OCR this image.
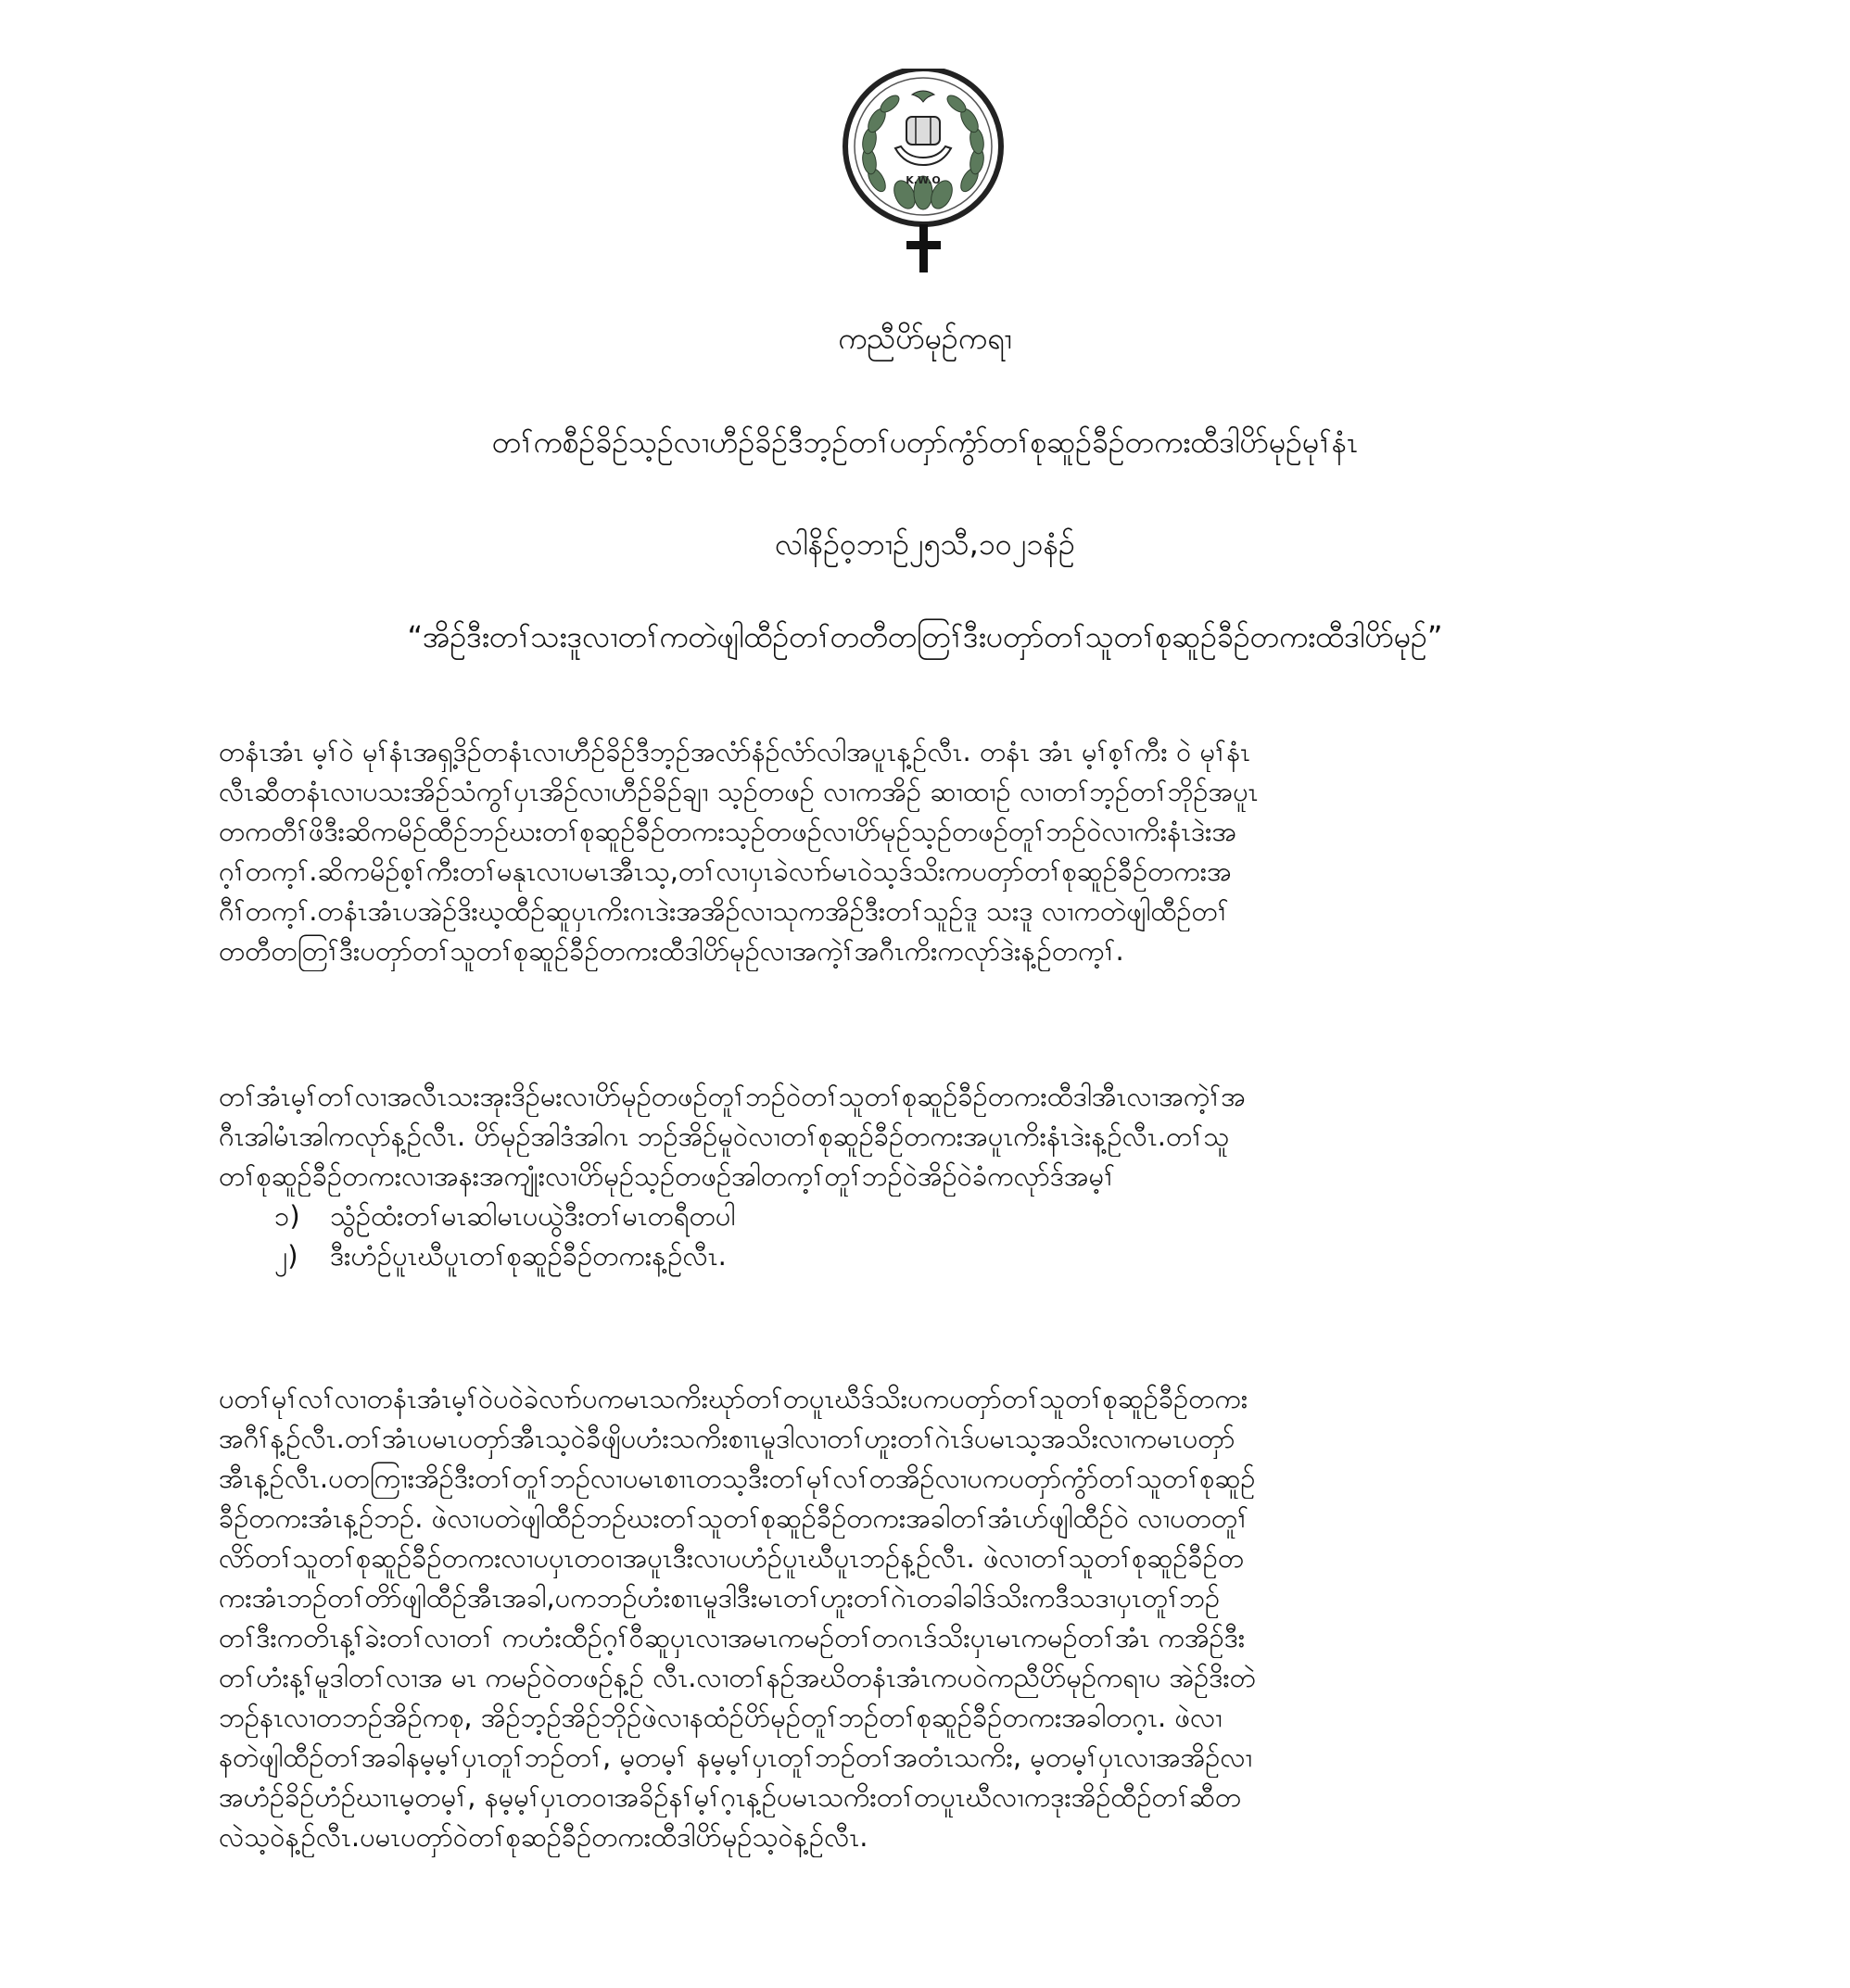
K.W.O
ကညီပိာ်မုဉ်ကရၢ
တၢ်ကစီဉ်ခိဉ်သ့ဉ်လၢဟီဉ်ခိဉ်ဒီဘ့ဉ်တၢ်ပတှာ်ကွံာ်တၢ်စုဆူဉ်ခီဉ်တကးထီဒါပိာ်မုဉ်မုၢ်နံၤ
လါနိဉ်ဝ့ဘၢဉ်၂၅သီ,၁၀၂၁နံဉ်
“အိဉ်ဒီးတၢ်သးဒူလၢတၢ်ကတဲဖျါထီဉ်တၢ်တတီတတြၢ်ဒီးပတှာ်တၢ်သူတၢ်စုဆူဉ်ခီဉ်တကးထီဒါပိာ်မုဉ်”

တနံၤအံၤ မ့ၢ်ဝဲ မုၢ်နံၤအရှ့ဒိဉ်တနံၤလၢဟီဉ်ခိဉ်ဒီဘ့ဉ်အလံာ်နံဉ်လံာ်လါအပူၤန့ဉ်လီၤ. တနံၤ အံၤ မ့ၢ်စ့ၢ်ကီး ဝဲ မုၢ်နံၤ

လီၤဆီတနံၤလၢပသးအိဉ်သံကွၢ်ပှၤအိဉ်လၢဟီဉ်ခိဉ်ချၢ သ့ဉ်တဖဉ် လၢကအိဉ် ဆၢထၢဉ် လၢတၢ်ဘ့ဉ်တၢ်ဘိုဉ်အပူၤ

တကတီၢ်ဖိဒီးဆိကမိဉ်ထီဉ်ဘဉ်ဃးတၢ်စုဆူဉ်ခီဉ်တကးသ့ဉ်တဖဉ်လၢပိာ်မုဉ်သ့ဉ်တဖဉ်တူၢ်ဘဉ်ဝဲလၢကိးနံၤဒဲးအ

ဂ့ၢ်တက့ၢ်.ဆိကမိဉ်စ့ၢ်ကီးတၢ်မနုၤလၢပမၤအီၤသ့,တၢ်လၢပှၤခဲလၢာ်မၤဝဲသ့ဒ်သိးကပတှာ်တၢ်စုဆူဉ်ခီဉ်တကးအ

ဂီၢ်တက့ၢ်.တနံၤအံၤပအဲဉ်ဒိးဃ့ထီဉ်ဆူပှၤကိးဂၤဒဲးအအိဉ်လၢသုကအိဉ်ဒီးတၢ်သူဉ်ဒူ သးဒူ လၢကတဲဖျါထီဉ်တၢ်

တတီတတြၢ်ဒီးပတှာ်တၢ်သူတၢ်စုဆူဉ်ခီဉ်တကးထီဒါပိာ်မုဉ်လၢအကဲ့ၢ်အဂီၤကိးကလုာ်ဒဲးန့ဉ်တက့ၢ်.

တၢ်အံၤမ့ၢ်တၢ်လၢအလီၤသးအုးဒိဉ်မးလၢပိာ်မုဉ်တဖဉ်တူၢ်ဘဉ်ဝဲတၢ်သူတၢ်စုဆူဉ်ခီဉ်တကးထီဒါအီၤလၢအကဲ့ၢ်အ

ဂီၤအါမံၤအါကလုာ်န့ဉ်လီၤ. ပိာ်မုဉ်အါဒံအါဂၤ ဘဉ်အိဉ်မူဝဲလၢတၢ်စုဆူဉ်ခီဉ်တကးအပူၤကိးနံၤဒဲးန့ဉ်လီၤ.တၢ်သူ

တၢ်စုဆူဉ်ခီဉ်တကးလၢအနးအကျုံးလၢပိာ်မုဉ်သ့ဉ်တဖဉ်အါတက့ၢ်တူၢ်ဘဉ်ဝဲအိဉ်ဝဲခံကလုာ်ဒ်အမ့ၢ်

၁)	သွံဉ်ထံးတၢ်မၤဆါမၤပယွဲဒီးတၢ်မၤတရီတပါ
၂)	ဒီးဟံဉ်ပူၤဃီပူၤတၢ်စုဆူဉ်ခီဉ်တကးန့ဉ်လီၤ.

ပတၢ်မုၢ်လၢ်လၢတနံၤအံၤမ့ၢ်ဝဲပဝဲခဲလၢာ်ပကမၤသကိးဃုာ်တၢ်တပူၤဃီဒ်သိးပကပတှာ်တၢ်သူတၢ်စုဆူဉ်ခီဉ်တကး

အဂီၢ်န့ဉ်လီၤ.တၢ်အံၤပမၤပတှာ်အီၤသ့ဝဲခီဖျိပဟံးသကိးစၢၤမူဒါလၢတၢ်ဟူးတၢ်ဂဲၤဒ်ပမၤသ့အသိးလၢကမၤပတှာ်

အီၤန့ဉ်လီၤ.ပတကြၢးအိဉ်ဒီးတၢ်တူၢ်ဘဉ်လၢပမၤစၢၤတသ့ဒီးတၢ်မုၢ်လၢ်တအိဉ်လၢပကပတှာ်ကွံာ်တၢ်သူတၢ်စုဆူဉ်

ခီဉ်တကးအံၤန့ဉ်ဘဉ်. ဖဲလၢပတဲဖျါထီဉ်ဘဉ်ဃးတၢ်သူတၢ်စုဆူဉ်ခီဉ်တကးအခါတၢ်အံၤပာ်ဖျါထီဉ်ဝဲ လၢပတတူၢ်

လိာ်တၢ်သူတၢ်စုဆူဉ်ခီဉ်တကးလၢပပှၤတဝၢအပူၤဒီးလၢပဟံဉ်ပူၤဃီပူၤဘဉ်န့ဉ်လီၤ. ဖဲလၢတၢ်သူတၢ်စုဆူဉ်ခီဉ်တ

ကးအံၤဘဉ်တၢ်တိာ်ဖျါထီဉ်အီၤအခါ,ပကဘဉ်ဟံးစၢၤမူဒါဒီးမၤတၢ်ဟူးတၢ်ဂဲၤတခါခါဒ်သိးကဒီသဒၢပှၤတူၢ်ဘဉ်

တၢ်ဒီးကတိၤန့ၢ်ခဲးတၢ်လၢတၢ် ကဟံးထီဉ်ဂ့ၢ်ဝီဆူပှၤလၢအမၤကမဉ်တၢ်တဂၤဒ်သိးပှၤမၤကမဉ်တၢ်အံၤ ကအိဉ်ဒီး

တၢ်ဟံးန့ၢ်မူဒါတၢ်လၢအ မၤ ကမဉ်ဝဲတဖဉ်န့ဉ် လီၤ.လၢတၢ်နဉ်အဃိတနံၤအံၤကပဝဲကညီပိာ်မုဉ်ကရၢပ အဲဉ်ဒိးတဲ

ဘဉ်နၤလၢတဘဉ်အိဉ်ကစု, အိဉ်ဘ့ဉ်အိဉ်ဘိုဉ်ဖဲလၢနထံဉ်ပိာ်မုဉ်တူၢ်ဘဉ်တၢ်စုဆူဉ်ခီဉ်တကးအခါတဂ့ၤ. ဖဲလၢ

နတဲဖျါထီဉ်တၢ်အခါနမ့မ့ၢ်ပှၤတူၢ်ဘဉ်တၢ်, မ့တမ့ၢ် နမ့မ့ၢ်ပှၤတူၢ်ဘဉ်တၢ်အတံၤသကိး, မ့တမ့ၢ်ပှၤလၢအအိဉ်လၢ

အဟံဉ်ခိဉ်ဟံဉ်ဃၢၤမ့တမ့ၢ်, နမ့မ့ၢ်ပှၤတဝၢအခိဉ်နၢ်မ့ၢ်ဂ့ၤန့ဉ်ပမၤသကိးတၢ်တပူၤဃီလၢကဒုးအိဉ်ထီဉ်တၢ်ဆီတ

လဲသ့ဝဲန့ဉ်လီၤ.ပမၤပတှာ်ဝဲတၢ်စုဆဉ်ခီဉ်တကးထီဒါပိာ်မုဉ်သ့ဝဲန့ဉ်လီၤ.
